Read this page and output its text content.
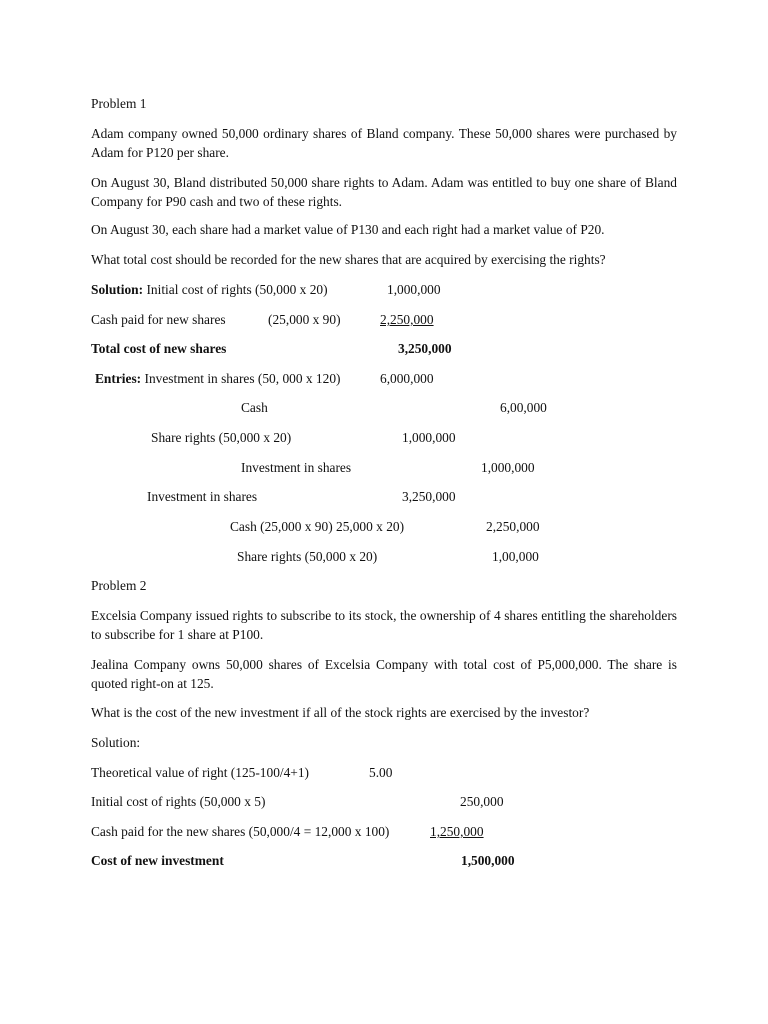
Problem 1
Adam company owned 50,000 ordinary shares of Bland company. These 50,000 shares were purchased by Adam for P120 per share.
On August 30, Bland distributed 50,000 share rights to Adam. Adam was entitled to buy one share of Bland Company for P90 cash and two of these rights.
On August 30, each share had a market value of P130 and each right had a market value of P20.
What total cost should be recorded for the new shares that are acquired by exercising the rights?
Solution: Initial cost of rights (50,000 x 20)	1,000,000
Cash paid for new shares	(25,000 x 90)	2,250,000
Total cost of new shares	3,250,000
Entries: Investment in shares (50, 000 x 120)	6,000,000
Cash	6,00,000
Share rights (50,000 x 20)	1,000,000
Investment in shares	1,000,000
Investment in shares	3,250,000
Cash (25,000 x 90) 25,000 x 20)	2,250,000
Share rights (50,000 x 20)	1,00,000
Problem 2
Excelsia Company issued rights to subscribe to its stock, the ownership of 4 shares entitling the shareholders to subscribe for 1 share at P100.
Jealina Company owns 50,000 shares of Excelsia Company with total cost of P5,000,000. The share is quoted right-on at 125.
What is the cost of the new investment if all of the stock rights are exercised by the investor?
Solution:
Theoretical value of right (125-100/4+1)	5.00
Initial cost of rights (50,000 x 5)	250,000
Cash paid for the new shares (50,000/4 = 12,000 x 100)	1,250,000
Cost of new investment	1,500,000
